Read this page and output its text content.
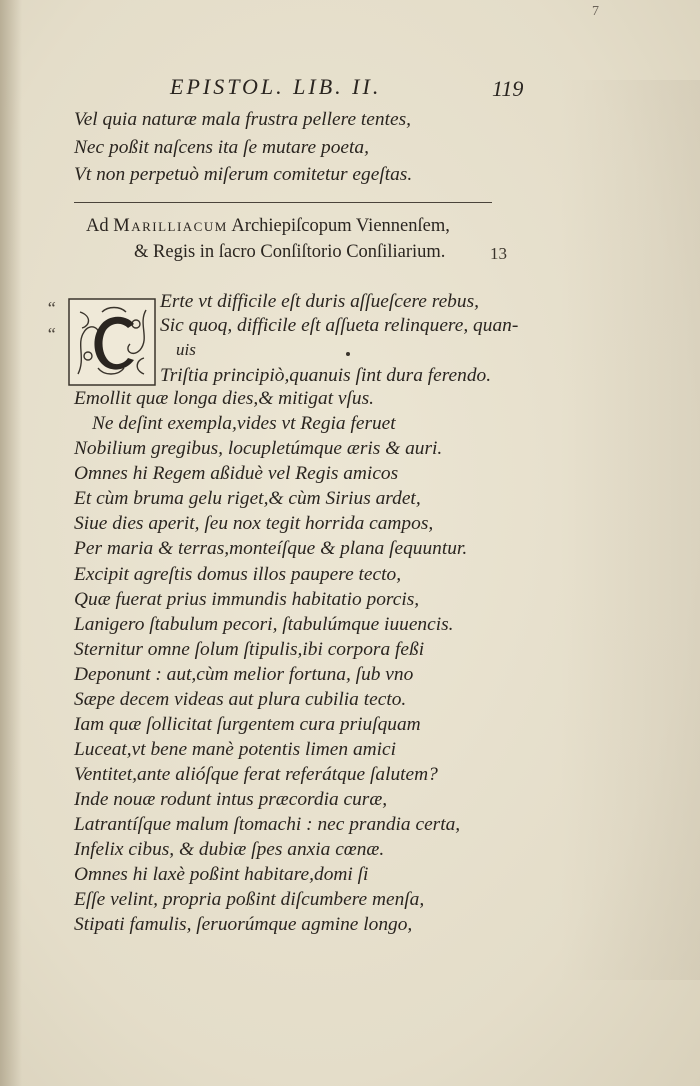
7
EPISTOL. LIB. II.	119
Vel quia naturæ mala frustra pellere tentes,
Nec poßit naſcens ita ſe mutare poeta,
Vt non perpetuò miſerum comitetur egeſtas.
Ad Marilliacum Archiepiſcopum Viennenſem,
& Regis in ſacro Conſiſtorio Conſiliarium.	13
“
“
Erte vt difficile eſt duris aſſueſcere rebus,
Sic quoq, difficile eſt aſſueta relinquere, quan-
uis
Triſtia principiò,quanuis ſint dura ferendo.
Emollit quæ longa dies,& mitigat vſus.
Ne deſint exempla,vides vt Regia feruet
Nobilium gregibus, locupletúmque æris & auri.
Omnes hi Regem aßiduè vel Regis amicos
Et cùm bruma gelu riget,& cùm Sirius ardet,
Siue dies aperit, ſeu nox tegit horrida campos,
Per maria & terras,monteíſque & plana ſequuntur.
Excipit agreſtis domus illos paupere tecto,
Quæ fuerat prius immundis habitatio porcis,
Lanigero ſtabulum pecori, ſtabulúmque iuuencis.
Sternitur omne ſolum ſtipulis,ibi corpora feßi
Deponunt : aut,cùm melior fortuna, ſub vno
Sæpe decem videas aut plura cubilia tecto.
Iam quæ ſollicitat ſurgentem cura priuſquam
Luceat,vt bene manè potentis limen amici
Ventitet,ante alióſque ferat referátque ſalutem?
Inde nouæ rodunt intus præcordia curæ,
Latrantíſque malum ſtomachi : nec prandia certa,
Infelix cibus, & dubiæ ſpes anxia cœnæ.
Omnes hi laxè poßint habitare,domi ſi
Eſſe velint, propria poßint diſcumbere menſa,
Stipati famulis, ſeruorúmque agmine longo,
